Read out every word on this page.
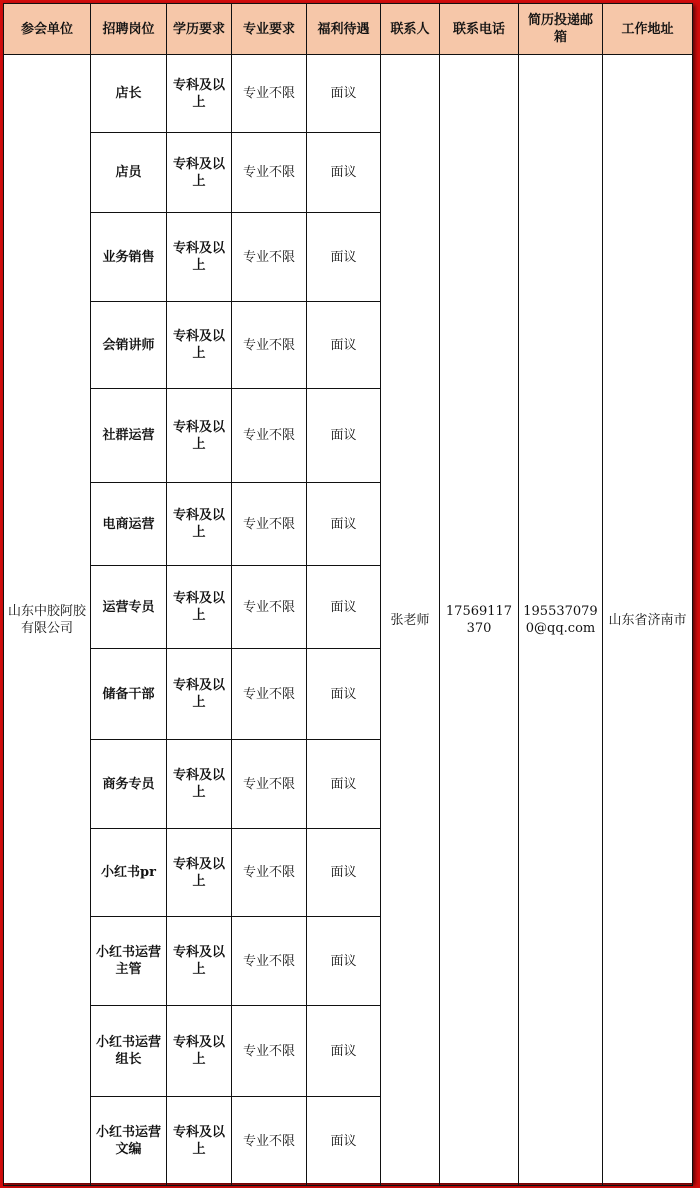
参会单位	招聘岗位	学历要求	专业要求	福利待遇	联系人	联系电话	简历投递邮箱	工作地址
山东中胶阿胶有限公司	店长	专科及以上	专业不限	面议	张老师	17569117370	1955370790@qq.com	山东省济南市
	店员	专科及以上	专业不限	面议				
	业务销售	专科及以上	专业不限	面议				
	会销讲师	专科及以上	专业不限	面议				
	社群运营	专科及以上	专业不限	面议				
	电商运营	专科及以上	专业不限	面议				
	运营专员	专科及以上	专业不限	面议				
	储备干部	专科及以上	专业不限	面议				
	商务专员	专科及以上	专业不限	面议				
	小红书pr	专科及以上	专业不限	面议				
	小红书运营主管	专科及以上	专业不限	面议				
	小红书运营组长	专科及以上	专业不限	面议				
	小红书运营文编	专科及以上	专业不限	面议				
